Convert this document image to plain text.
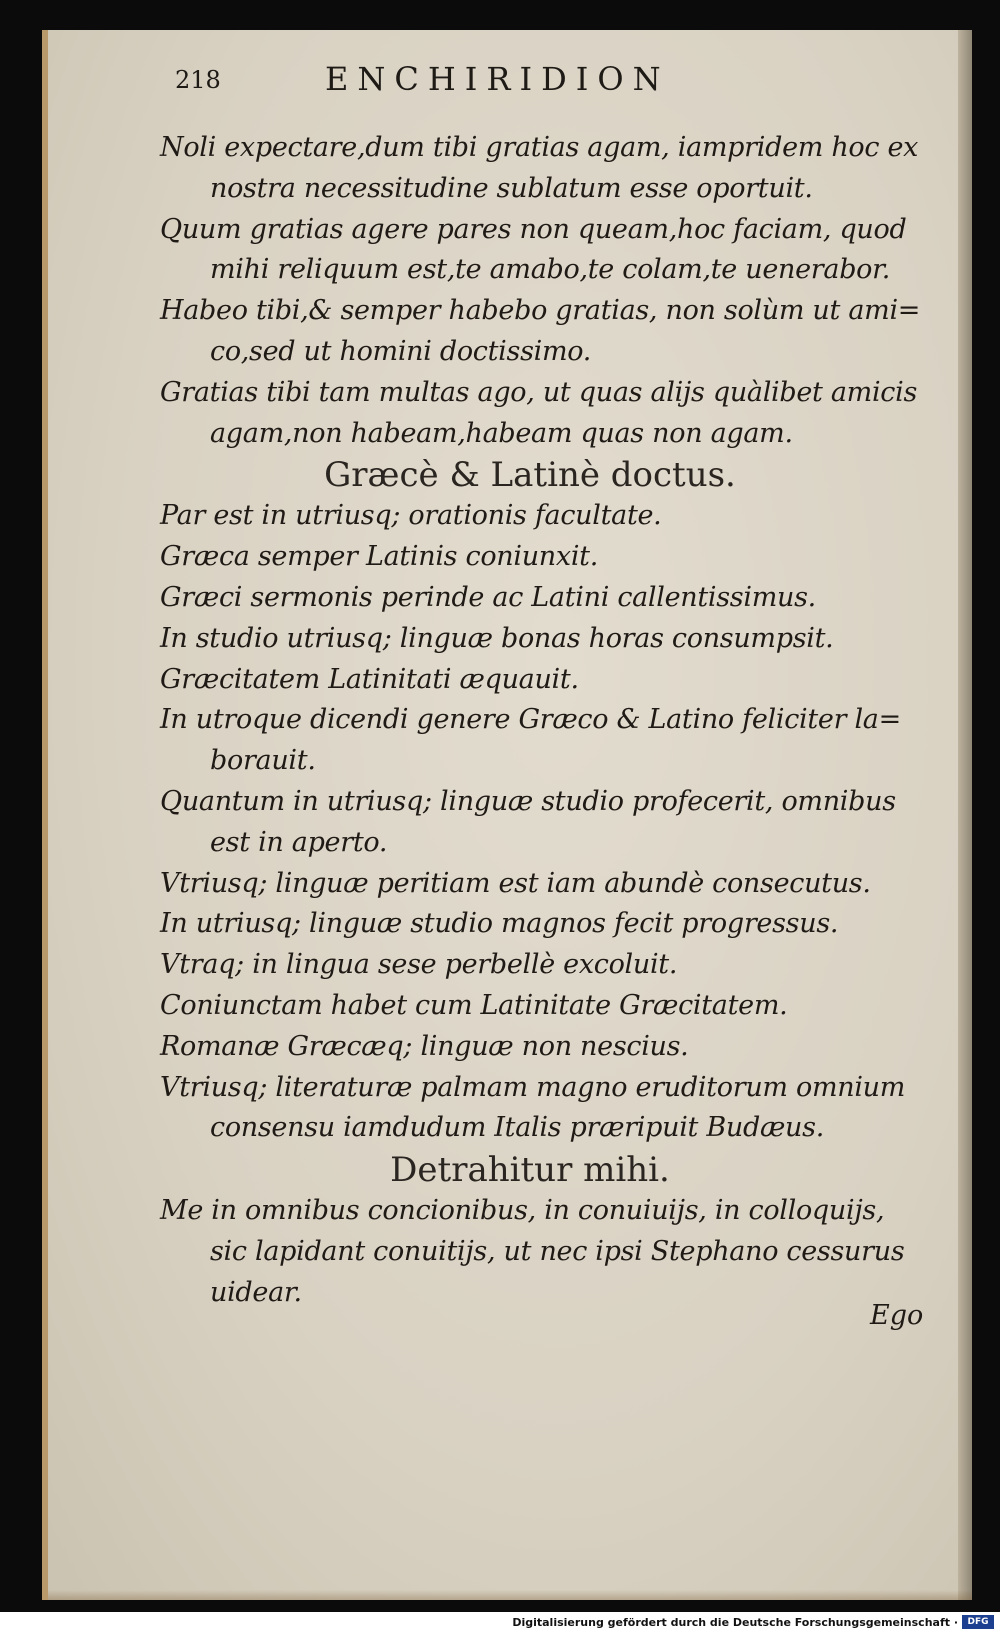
218	ENCHIRIDION
Noli expectare,dum tibi gratias agam, iampridem hoc ex
nostra necessitudine sublatum esse oportuit.
Quum gratias agere pares non queam,hoc faciam, quod
mihi reliquum est,te amabo,te colam,te uenerabor.
Habeo tibi,& semper habebo gratias, non solùm ut ami=
co,sed ut homini doctissimo.
Gratias tibi tam multas ago, ut quas alijs quàlibet amicis
agam,non habeam,habeam quas non agam.
Græcè & Latinè doctus.
Par est in utriusq; orationis facultate.
Græca semper Latinis coniunxit.
Græci sermonis perinde ac Latini callentissimus.
In studio utriusq; linguæ bonas horas consumpsit.
Græcitatem Latinitati æquauit.
In utroque dicendi genere Græco & Latino feliciter la=
borauit.
Quantum in utriusq; linguæ studio profecerit, omnibus
est in aperto.
Vtriusq; linguæ peritiam est iam abundè consecutus.
In utriusq; linguæ studio magnos fecit progressus.
Vtraq; in lingua sese perbellè excoluit.
Coniunctam habet cum Latinitate Græcitatem.
Romanæ Græcæq; linguæ non nescius.
Vtriusq; literaturæ palmam magno eruditorum omnium
consensu iamdudum Italis præripuit Budæus.
Detrahitur mihi.
Me in omnibus concionibus, in conuiuijs, in colloquijs,
sic lapidant conuitijs, ut nec ipsi Stephano cessurus
uidear.
Ego
Digitalisierung gefördert durch die Deutsche Forschungsgemeinschaft ·	DFG
